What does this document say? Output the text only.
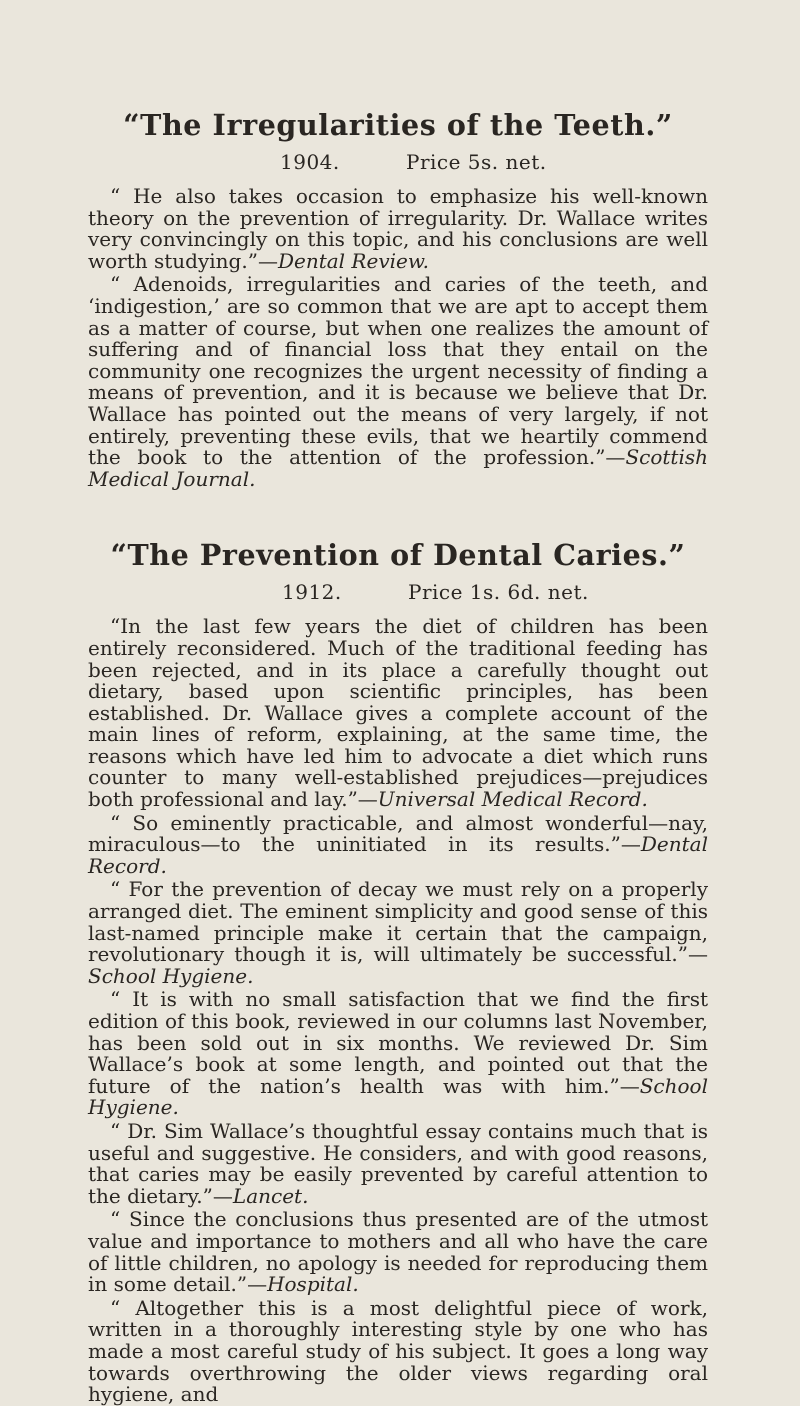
“The Irregularities of the Teeth.”
1904.	Price 5s. net.

“ He also takes occasion to emphasize his well-known theory on the prevention of irregularity. Dr. Wallace writes very convincingly on this topic, and his conclusions are well worth studying.”—Dental Review.

“ Adenoids, irregularities and caries of the teeth, and ‘indigestion,’ are so common that we are apt to accept them as a matter of course, but when one realizes the amount of suffering and of financial loss that they entail on the community one recognizes the urgent necessity of finding a means of prevention, and it is because we believe that Dr. Wallace has pointed out the means of very largely, if not entirely, preventing these evils, that we heartily commend the book to the attention of the profession.”—Scottish Medical Journal.

“The Prevention of Dental Caries.”
1912.	Price 1s. 6d. net.

“In the last few years the diet of children has been entirely reconsidered. Much of the traditional feeding has been rejected, and in its place a carefully thought out dietary, based upon scientific principles, has been established. Dr. Wallace gives a complete account of the main lines of reform, explaining, at the same time, the reasons which have led him to advocate a diet which runs counter to many well-established prejudices—prejudices both professional and lay.”—Universal Medical Record.

“ So eminently practicable, and almost wonderful—nay, miraculous—to the uninitiated in its results.”—Dental Record.

“ For the prevention of decay we must rely on a properly arranged diet. The eminent simplicity and good sense of this last-named principle make it certain that the campaign, revolutionary though it is, will ultimately be successful.”—School Hygiene.

“ It is with no small satisfaction that we find the first edition of this book, reviewed in our columns last November, has been sold out in six months. We reviewed Dr. Sim Wallace’s book at some length, and pointed out that the future of the nation’s health was with him.”—School Hygiene.

“ Dr. Sim Wallace’s thoughtful essay contains much that is useful and suggestive. He considers, and with good reasons, that caries may be easily prevented by careful attention to the dietary.”—Lancet.

“ Since the conclusions thus presented are of the utmost value and importance to mothers and all who have the care of little children, no apology is needed for reproducing them in some detail.”—Hospital.

“ Altogether this is a most delightful piece of work, written in a thoroughly interesting style by one who has made a most careful study of his subject. It goes a long way towards overthrowing the older views regarding oral hygiene, and
